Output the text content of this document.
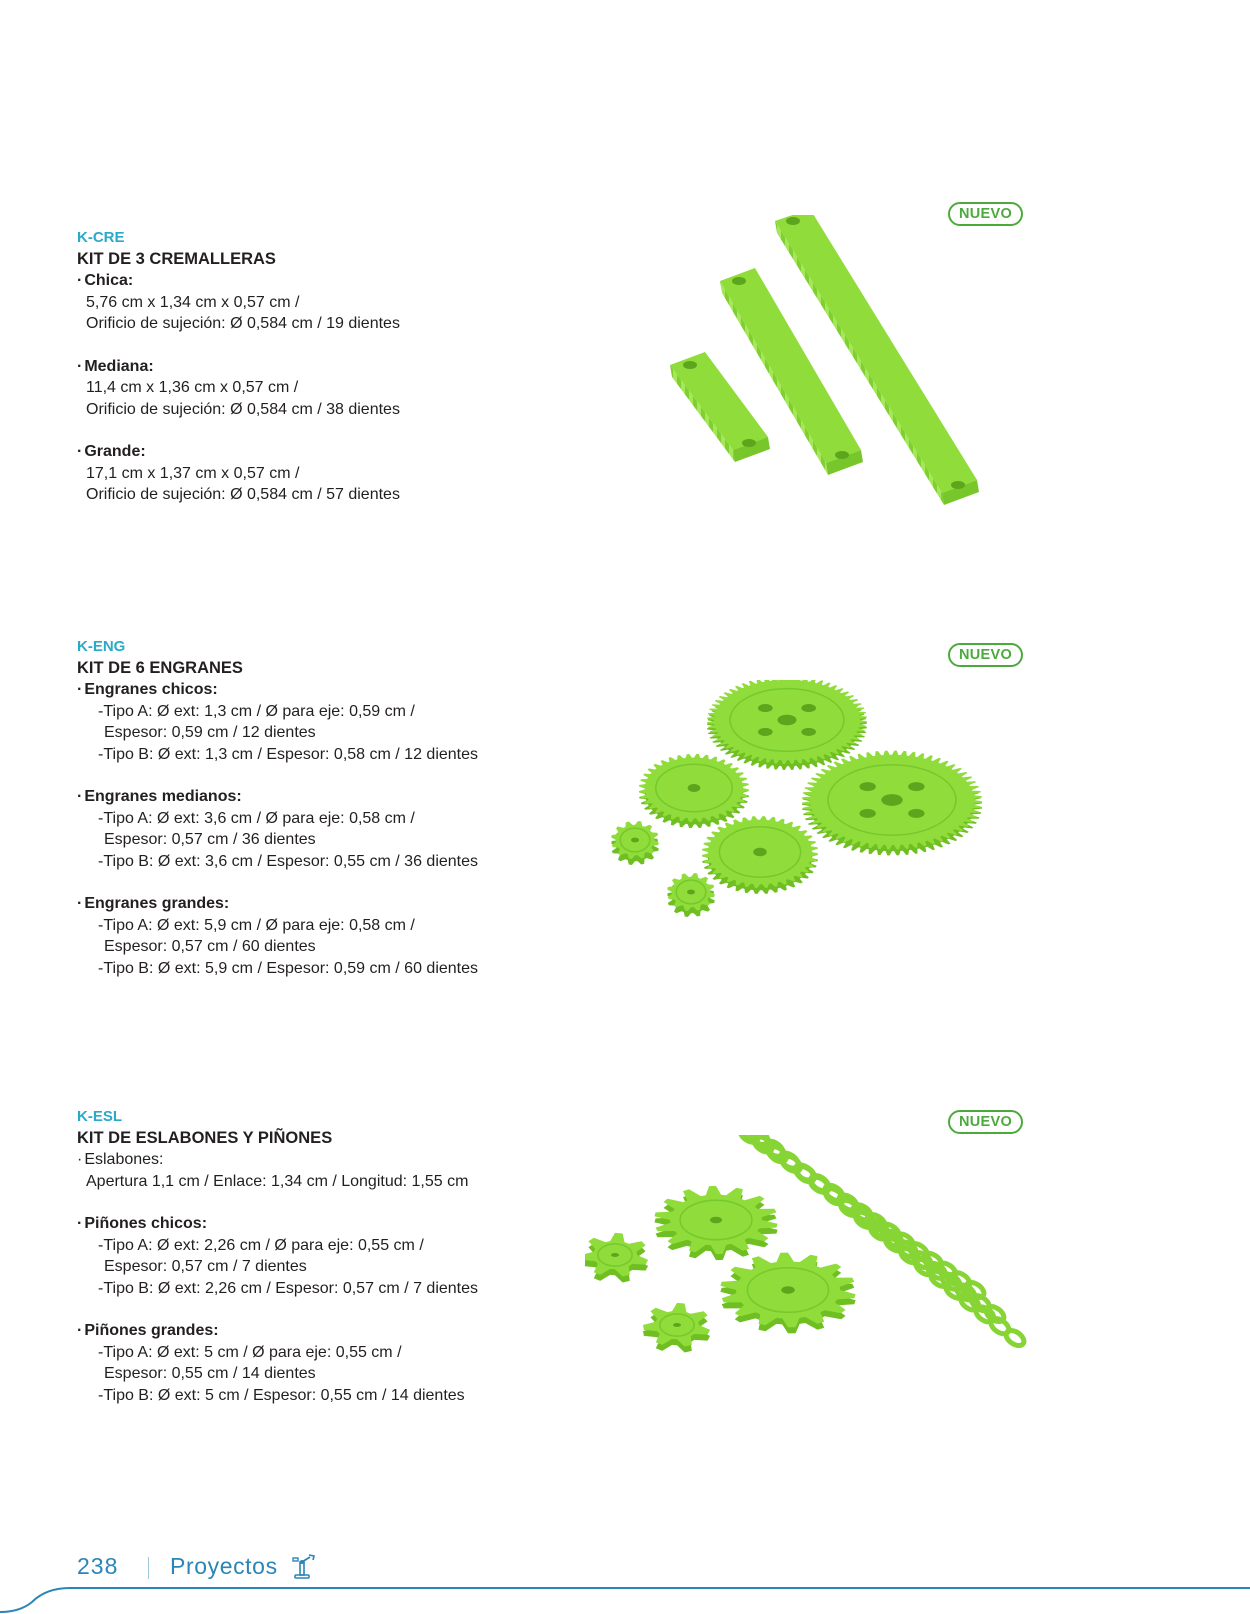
K-CRE
KIT DE 3 CREMALLERAS
· Chica:
5,76 cm x 1,34 cm x 0,57 cm /
Orificio de sujeción: Ø 0,584 cm / 19 dientes
· Mediana:
11,4 cm x 1,36 cm x 0,57 cm /
Orificio de sujeción: Ø 0,584 cm / 38 dientes
· Grande:
17,1 cm x 1,37 cm x 0,57 cm /
Orificio de sujeción: Ø 0,584 cm / 57 dientes
NUEVO
K-ENG
KIT DE 6 ENGRANES
· Engranes chicos:
-Tipo A: Ø ext: 1,3 cm / Ø para eje: 0,59 cm /
Espesor: 0,59 cm / 12 dientes
-Tipo B: Ø ext: 1,3 cm / Espesor: 0,58 cm / 12 dientes
· Engranes medianos:
-Tipo A: Ø ext: 3,6 cm / Ø para eje: 0,58 cm /
Espesor: 0,57 cm / 36 dientes
-Tipo B: Ø ext: 3,6 cm / Espesor: 0,55 cm / 36 dientes
· Engranes grandes:
-Tipo A: Ø ext: 5,9 cm / Ø para eje: 0,58 cm /
Espesor: 0,57 cm / 60 dientes
-Tipo B: Ø ext: 5,9 cm / Espesor: 0,59 cm / 60 dientes
NUEVO
K-ESL
KIT DE ESLABONES Y PIÑONES
· Eslabones:
Apertura 1,1 cm / Enlace: 1,34 cm / Longitud: 1,55 cm
· Piñones chicos:
-Tipo A: Ø ext: 2,26 cm / Ø para eje: 0,55 cm /
Espesor: 0,57 cm / 7 dientes
-Tipo B: Ø ext: 2,26 cm / Espesor: 0,57 cm / 7 dientes
· Piñones grandes:
-Tipo A: Ø ext: 5 cm / Ø para eje: 0,55 cm /
Espesor: 0,55 cm / 14 dientes
-Tipo B: Ø ext: 5 cm / Espesor: 0,55 cm / 14 dientes
NUEVO
238 Proyectos
